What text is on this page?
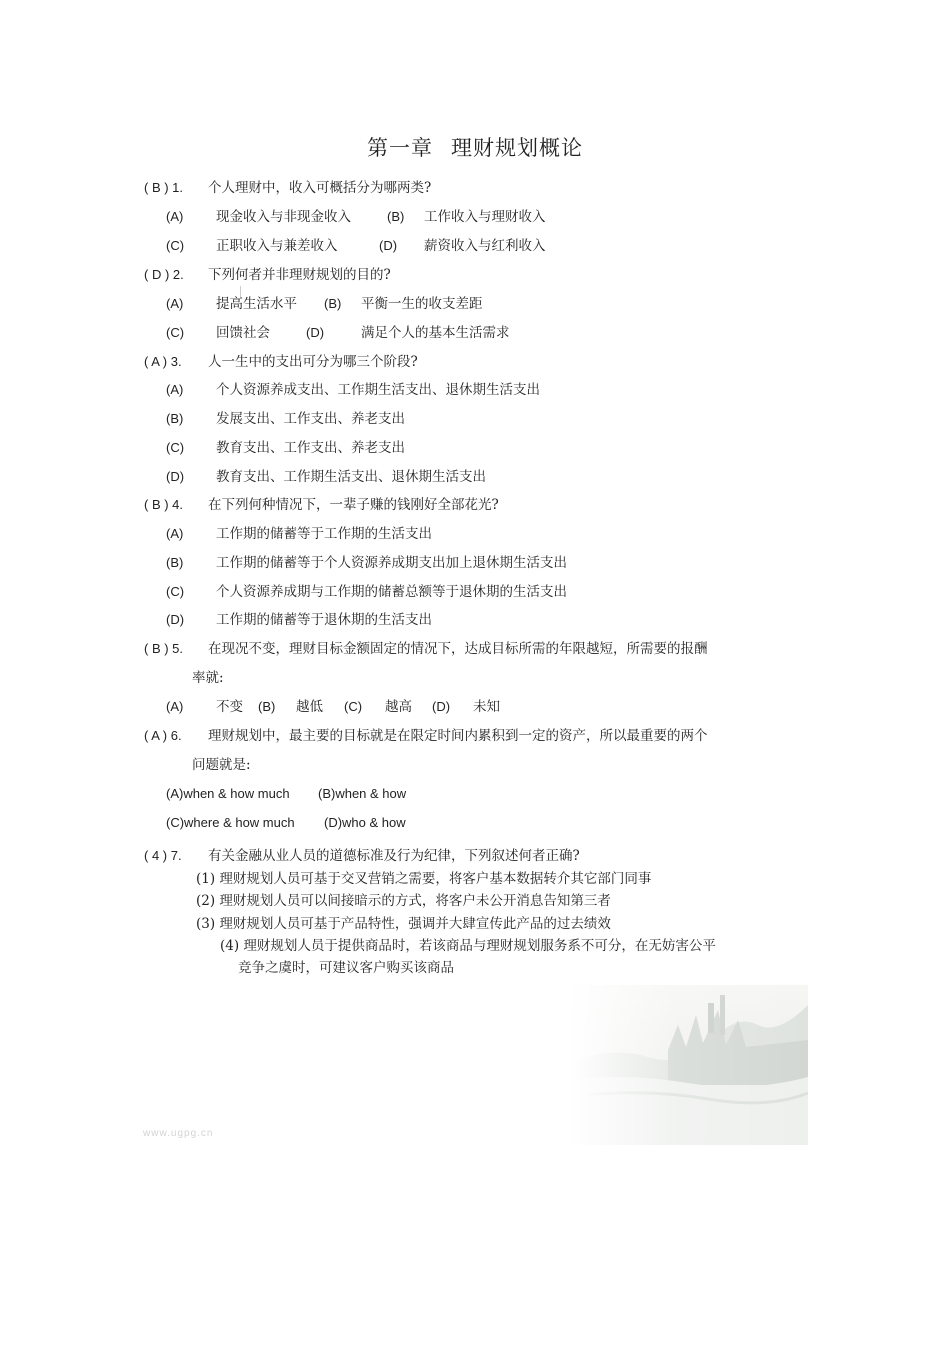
第一章 理财规划概论
( B ) 1. 个人理财中，收入可概括分为哪两类?
(A) 现金收入与非现金收入	(B) 工作收入与理财收入
(C) 正职收入与兼差收入	(D) 薪资收入与红利收入
( D ) 2. 下列何者并非理财规划的目的?
(A) 提高生活水平 (B) 平衡一生的收支差距
(C) 回馈社会	(D)	满足个人的基本生活需求
( A ) 3. 人一生中的支出可分为哪三个阶段?
(A) 个人资源养成支出、工作期生活支出、退休期生活支出
(B) 发展支出、工作支出、养老支出
(C) 教育支出、工作支出、养老支出
(D) 教育支出、工作期生活支出、退休期生活支出
( B ) 4. 在下列何种情况下，一辈子赚的钱刚好全部花光?
(A) 工作期的储蓄等于工作期的生活支出
(B) 工作期的储蓄等于个人资源养成期支出加上退休期生活支出
(C) 个人资源养成期与工作期的储蓄总额等于退休期的生活支出
(D) 工作期的储蓄等于退休期的生活支出
( B ) 5. 在现况不变，理财目标金额固定的情况下，达成目标所需的年限越短，所需要的报酬
率就:
(A) 不变 (B) 越低 (C) 越高 (D) 未知
( A ) 6. 理财规划中，最主要的目标就是在限定时间内累积到一定的资产，所以最重要的两个
问题就是:
(A)when & how much (B)when & how
(C)where & how much (D)who & how
( 4 ) 7. 有关金融从业人员的道德标准及行为纪律，下列叙述何者正确?
(1) 理财规划人员可基于交叉营销之需要，将客户基本数据转介其它部门同事
(2) 理财规划人员可以间接暗示的方式，将客户未公开消息告知第三者
(3) 理财规划人员可基于产品特性，强调并大肆宣传此产品的过去绩效
(4) 理财规划人员于提供商品时，若该商品与理财规划服务系不可分，在无妨害公平
竞争之虞时，可建议客户购买该商品
www.ugpg.cn
